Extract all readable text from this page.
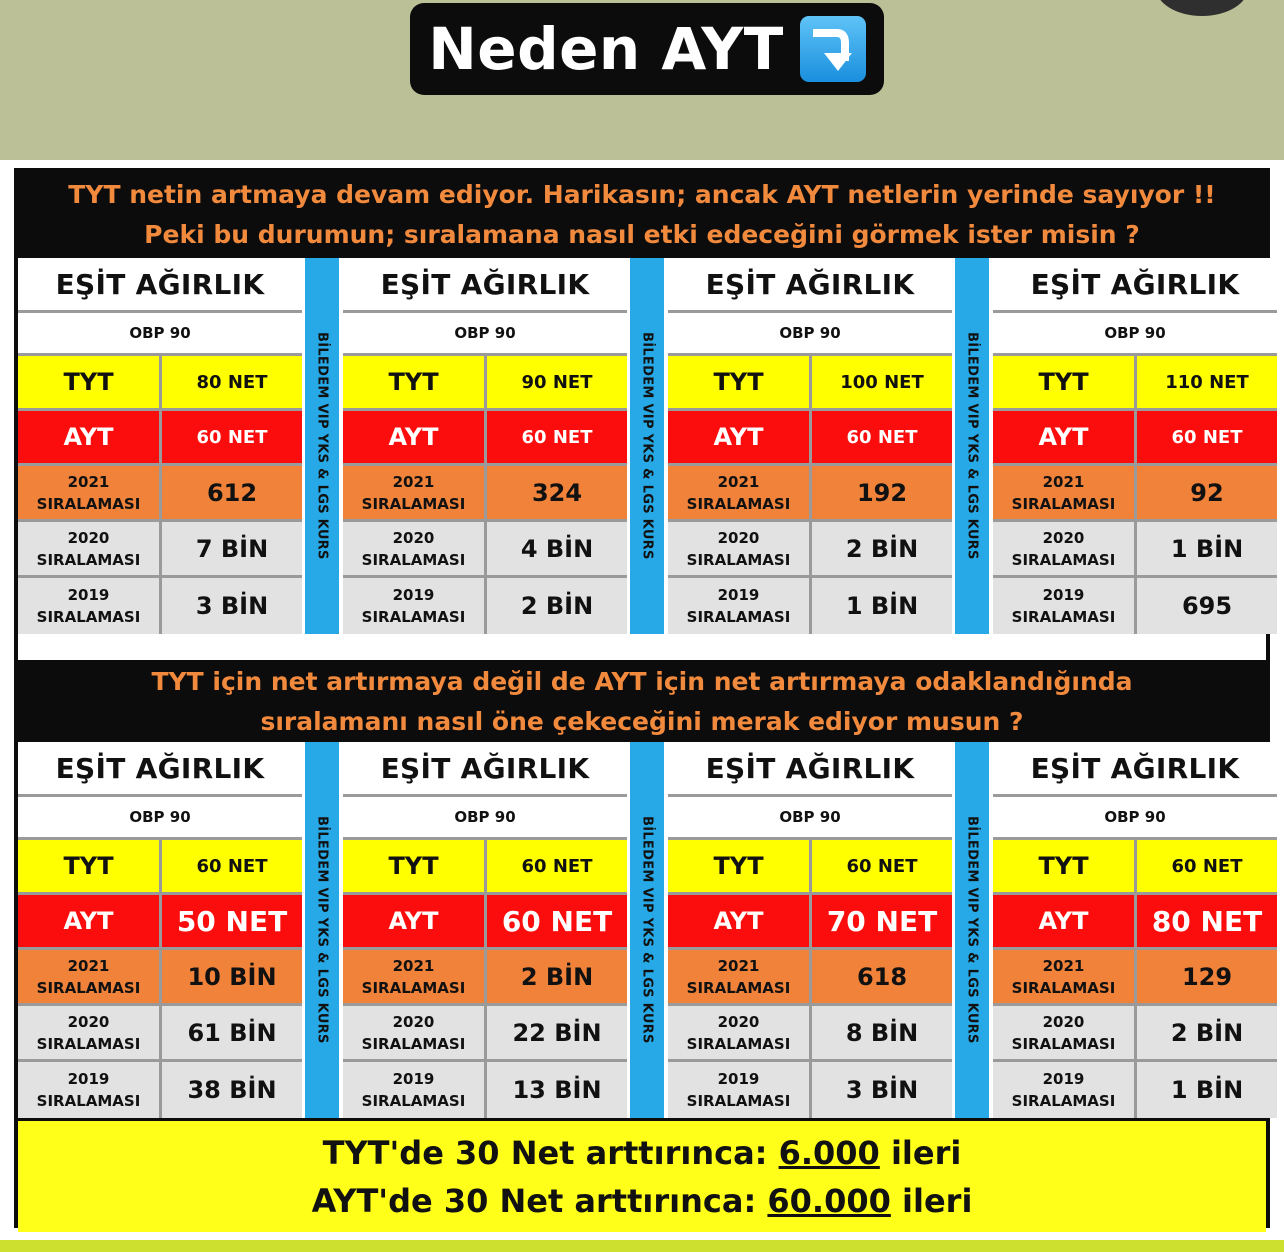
Neden AYT
TYT netin artmaya devam ediyor. Harikasın; ancak AYT netlerin yerinde sayıyor !!
Peki bu durumun; sıralamana nasıl etki edeceğini görmek ister misin ?
EŞİT AĞIRLIK
OBP 90
TYT	80 NET
AYT	60 NET
2021
SIRALAMASI	612
2020
SIRALAMASI	7 BİN
2019
SIRALAMASI	3 BİN
EŞİT AĞIRLIK
OBP 90
TYT	90 NET
AYT	60 NET
2021
SIRALAMASI	324
2020
SIRALAMASI	4 BİN
2019
SIRALAMASI	2 BİN
EŞİT AĞIRLIK
OBP 90
TYT	100 NET
AYT	60 NET
2021
SIRALAMASI	192
2020
SIRALAMASI	2 BİN
2019
SIRALAMASI	1 BİN
EŞİT AĞIRLIK
OBP 90
TYT	110 NET
AYT	60 NET
2021
SIRALAMASI	92
2020
SIRALAMASI	1 BİN
2019
SIRALAMASI	695
BİLEDEM VIP YKS & LGS KURS	BİLEDEM VIP YKS & LGS KURS	BİLEDEM VIP YKS & LGS KURS
TYT için net artırmaya değil de AYT için net artırmaya odaklandığında
sıralamanı nasıl öne çekeceğini merak ediyor musun ?
EŞİT AĞIRLIK
OBP 90
TYT	60 NET
AYT	50 NET
2021
SIRALAMASI	10 BİN
2020
SIRALAMASI	61 BİN
2019
SIRALAMASI	38 BİN
EŞİT AĞIRLIK
OBP 90
TYT	60 NET
AYT	60 NET
2021
SIRALAMASI	2 BİN
2020
SIRALAMASI	22 BİN
2019
SIRALAMASI	13 BİN
EŞİT AĞIRLIK
OBP 90
TYT	60 NET
AYT	70 NET
2021
SIRALAMASI	618
2020
SIRALAMASI	8 BİN
2019
SIRALAMASI	3 BİN
EŞİT AĞIRLIK
OBP 90
TYT	60 NET
AYT	80 NET
2021
SIRALAMASI	129
2020
SIRALAMASI	2 BİN
2019
SIRALAMASI	1 BİN
BİLEDEM VIP YKS & LGS KURS	BİLEDEM VIP YKS & LGS KURS	BİLEDEM VIP YKS & LGS KURS
TYT'de 30 Net arttırınca: 6.000 ileri
AYT'de 30 Net arttırınca: 60.000 ileri
